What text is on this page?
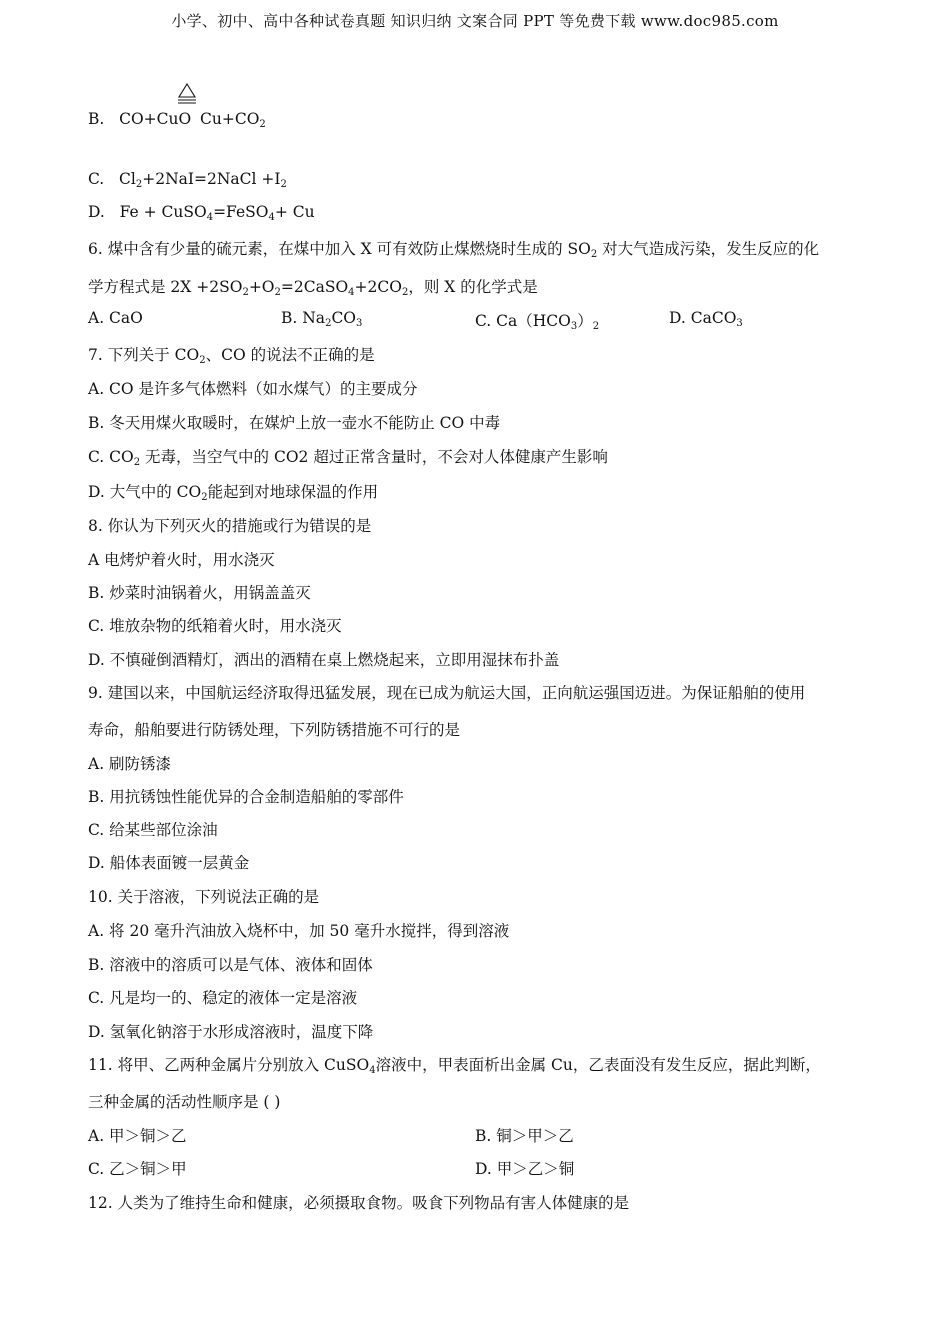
小学、初中、高中各种试卷真题 知识归纳 文案合同 PPT 等免费下载 www.doc985.com
B. CO+CuO $Cu+CO_2$
C. $Cl_2+2NaI=2NaCl +I_2$
D. Fe + CuSO$_4$=FeSO$_4$+ Cu
6. 煤中含有少量的硫元素，在煤中加入 X 可有效防止煤燃烧时生成的 $SO_2$ 对大气造成污染，发生反应的化
学方程式是 $2X +2SO_2+O_2=2CaSO_4+2CO_2$，则 X 的化学式是
A. CaO	B. $Na_2CO_3$	C. $Ca(HCO_3)_2$	D. CaCO$_3$
7. 下列关于 $CO_2$、CO 的说法不正确的是
A. CO 是许多气体燃料（如水煤气）的主要成分
B. 冬天用煤火取暖时，在媒炉上放一壶水不能防止 CO 中毒
C. $CO_2$ 无毒，当空气中的 CO2 超过正常含量时，不会对人体健康产生影响
D. 大气中的 $CO_2$能起到对地球保温的作用
8. 你认为下列灭火的措施或行为错误的是
A 电烤炉着火时，用水浇灭
B. 炒菜时油锅着火，用锅盖盖灭
C. 堆放杂物的纸箱着火时，用水浇灭
D. 不慎碰倒酒精灯，洒出的酒精在桌上燃烧起来，立即用湿抹布扑盖
9. 建国以来，中国航运经济取得迅猛发展，现在已成为航运大国，正向航运强国迈进。为保证船舶的使用
寿命，船舶要进行防锈处理，下列防锈措施不可行的是
A. 刷防锈漆
B. 用抗锈蚀性能优异的合金制造船舶的零部件
C. 给某些部位涂油
D. 船体表面镀一层黄金
10. 关于溶液，下列说法正确的是
A. 将 20 毫升汽油放入烧杯中，加 50 毫升水搅拌，得到溶液
B. 溶液中的溶质可以是气体、液体和固体
C. 凡是均一的、稳定的液体一定是溶液
D. 氢氧化钠溶于水形成溶液时，温度下降
11. 将甲、乙两种金属片分别放入 CuSO$_4$溶液中，甲表面析出金属 Cu，乙表面没有发生反应，据此判断，
三种金属的活动性顺序是 ( )
A. 甲＞铜＞乙	B. 铜＞甲＞乙
C. 乙＞铜＞甲	D. 甲＞乙＞铜
12. 人类为了维持生命和健康，必须摄取食物。吸食下列物品有害人体健康的是
